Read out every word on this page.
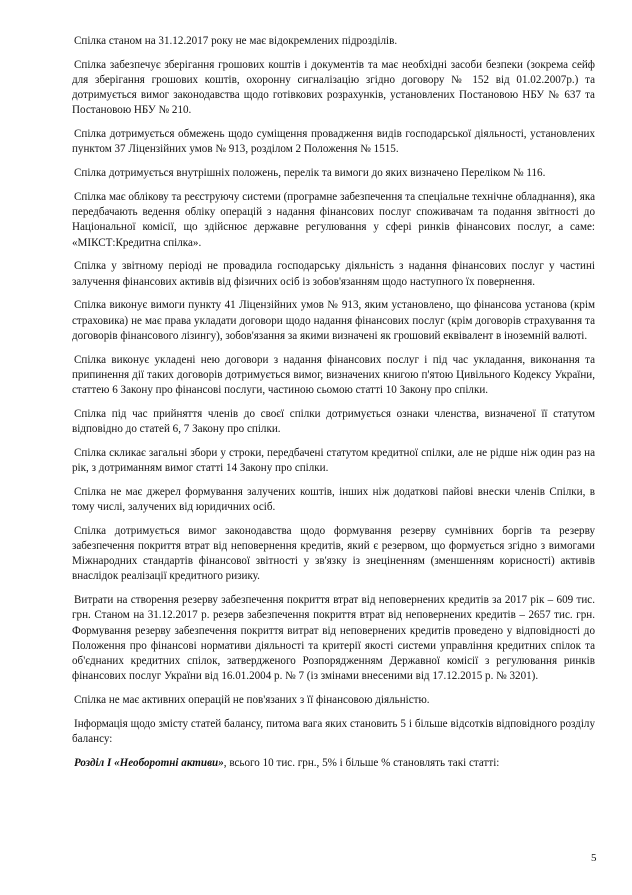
Спілка станом на 31.12.2017 року не має відокремлених підрозділів.

Спілка забезпечує зберігання грошових коштів і документів та має необхідні засоби безпеки (зокрема сейф для зберігання грошових коштів, охоронну сигналізацію згідно договору № 152 від 01.02.2007р.) та дотримується вимог законодавства щодо готівкових розрахунків, установлених Постановою НБУ № 637 та Постановою НБУ № 210.

Спілка дотримується обмежень щодо суміщення провадження видів господарської діяльності, установлених пунктом 37 Ліцензійних умов № 913, розділом 2 Положення № 1515.

Спілка дотримується внутрішніх положень, перелік та вимоги до яких визначено Переліком № 116.

Спілка має облікову та реєструючу системи (програмне забезпечення та спеціальне технічне обладнання), яка передбачають ведення обліку операцій з надання фінансових послуг споживачам та подання звітності до Національної комісії, що здійснює державне регулювання у сфері ринків фінансових послуг, а саме: «МІКСТ:Кредитна спілка».

Спілка у звітному періоді не провадила господарську діяльність з надання фінансових послуг у частині залучення фінансових активів від фізичних осіб із зобов'язанням щодо наступного їх повернення.

Спілка виконує вимоги пункту 41 Ліцензійних умов № 913, яким установлено, що фінансова установа (крім страховика) не має права укладати договори щодо надання фінансових послуг (крім договорів страхування та договорів фінансового лізингу), зобов'язання за якими визначені як грошовий еквівалент в іноземній валюті.

Спілка виконує укладені нею договори з надання фінансових послуг і під час укладання, виконання та припинення дії таких договорів дотримується вимог, визначених книгою п'ятою Цивільного Кодексу України, статтею 6 Закону про фінансові послуги, частиною сьомою статті 10 Закону про спілки.

Спілка під час прийняття членів до своєї спілки дотримується ознаки членства, визначеної її статутом відповідно до статей 6, 7 Закону про спілки.

Спілка скликає загальні збори у строки, передбачені статутом кредитної спілки, але не рідше ніж один раз на рік, з дотриманням вимог статті 14 Закону про спілки.

Спілка не має джерел формування залучених коштів, інших ніж додаткові пайові внески членів Спілки, в тому числі, залучених від юридичних осіб.

Спілка дотримується вимог законодавства щодо формування резерву сумнівних боргів та резерву забезпечення покриття втрат від неповернення кредитів, який є резервом, що формується згідно з вимогами Міжнародних стандартів фінансової звітності у зв'язку із знеціненням (зменшенням корисності) активів внаслідок реалізації кредитного ризику.

Витрати на створення резерву забезпечення покриття втрат від неповернених кредитів за 2017 рік – 609 тис. грн. Станом на 31.12.2017 р. резерв забезпечення покриття втрат від неповернених кредитів – 2657 тис. грн. Формування резерву забезпечення покриття витрат від неповернених кредитів проведено у відповідності до Положення про фінансові нормативи діяльності та критерії якості системи управління кредитних спілок та об'єднаних кредитних спілок, затвердженого Розпорядженням Державної комісії з регулювання ринків фінансових послуг України від 16.01.2004 р. № 7 (із змінами внесеними від 17.12.2015 р. № 3201).

Спілка не має активних операцій не пов'язаних з її фінансовою діяльністю.

Інформація щодо змісту статей балансу, питома вага яких становить 5 і більше відсотків відповідного розділу балансу:

Розділ І «Необоротні активи», всього 10 тис. грн., 5% і більше % становлять такі статті:

5
